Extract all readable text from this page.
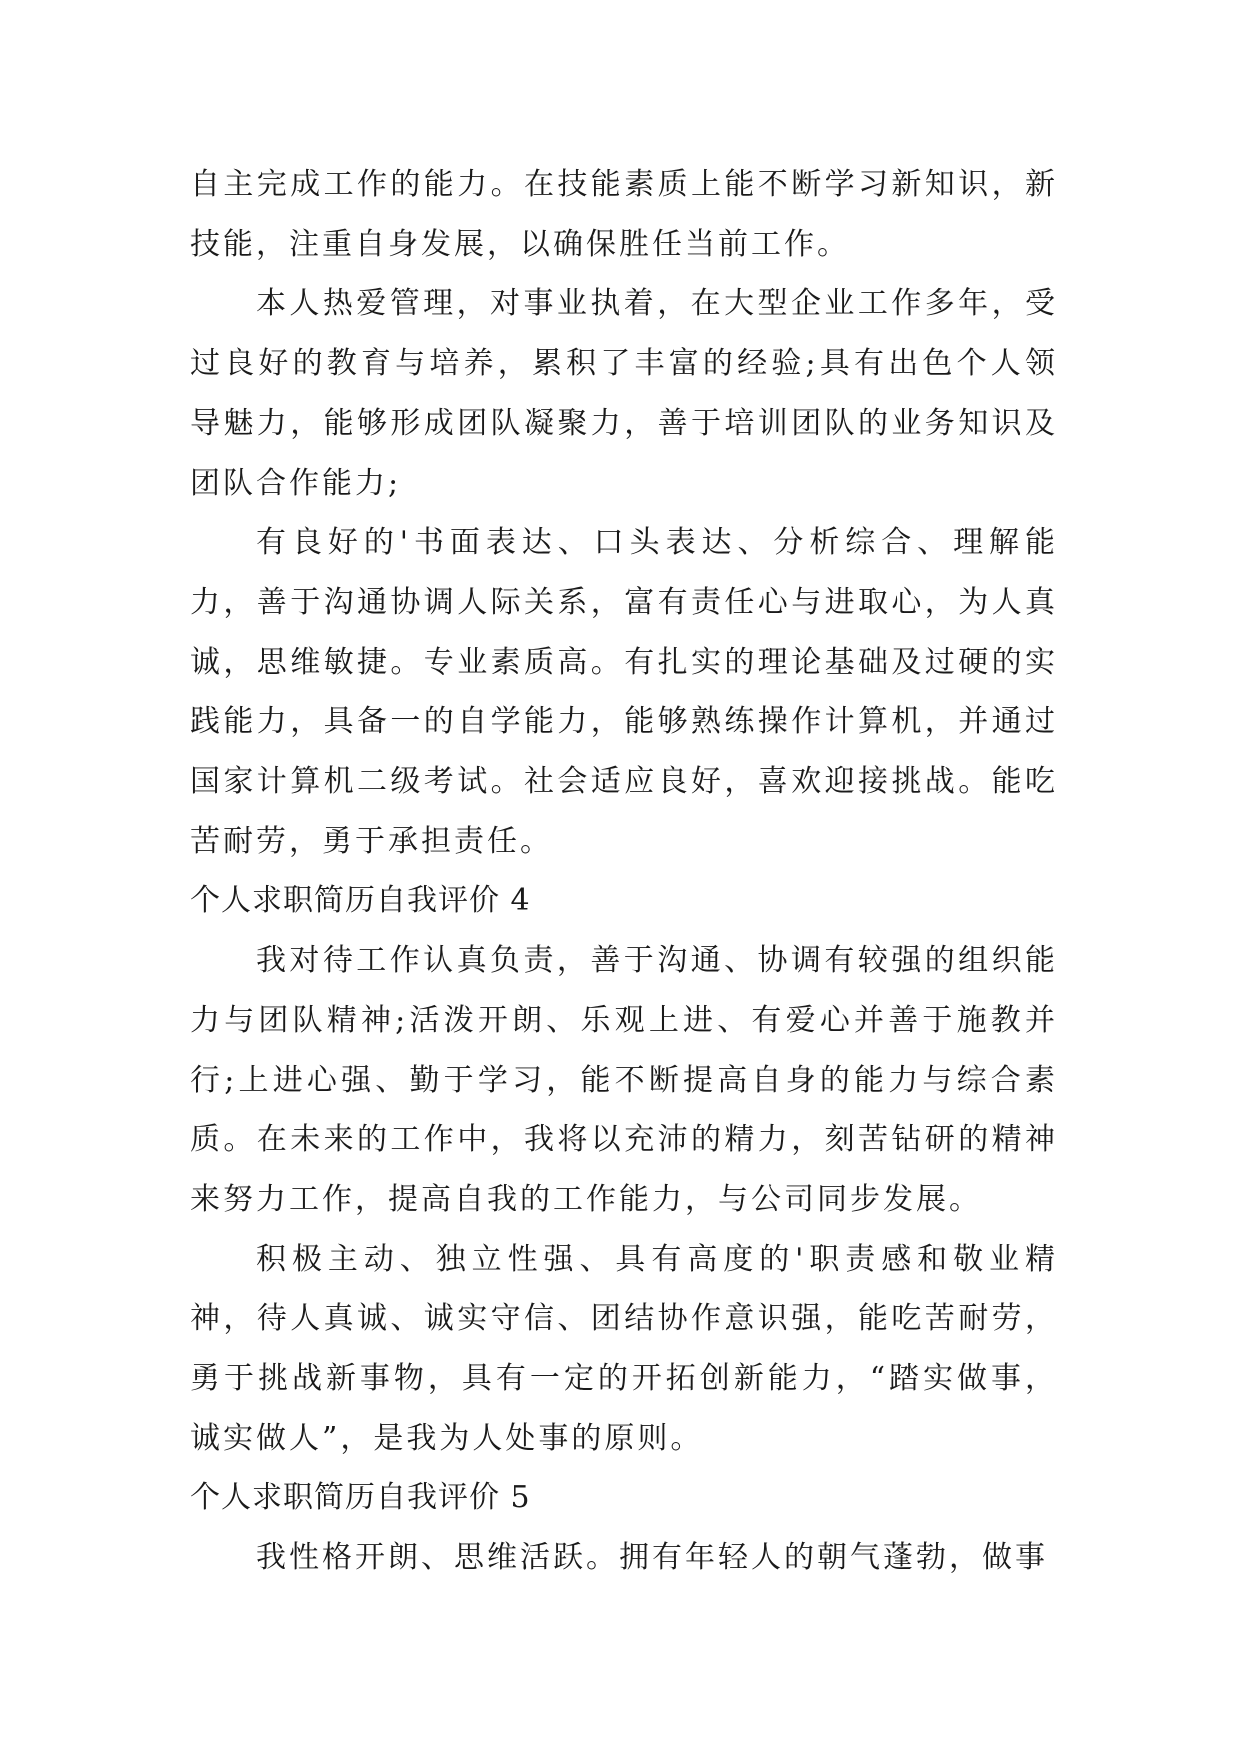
自主完成工作的能力。在技能素质上能不断学习新知识，新技能，注重自身发展，以确保胜任当前工作。

本人热爱管理，对事业执着，在大型企业工作多年，受过良好的教育与培养，累积了丰富的经验;具有出色个人领导魅力，能够形成团队凝聚力，善于培训团队的业务知识及团队合作能力;

有良好的'书面表达、口头表达、分析综合、理解能力，善于沟通协调人际关系，富有责任心与进取心，为人真诚，思维敏捷。专业素质高。有扎实的理论基础及过硬的实践能力，具备一的自学能力，能够熟练操作计算机，并通过国家计算机二级考试。社会适应良好，喜欢迎接挑战。能吃苦耐劳，勇于承担责任。

个人求职简历自我评价 4

我对待工作认真负责，善于沟通、协调有较强的组织能力与团队精神;活泼开朗、乐观上进、有爱心并善于施教并行;上进心强、勤于学习，能不断提高自身的能力与综合素质。在未来的工作中，我将以充沛的精力，刻苦钻研的精神来努力工作，提高自我的工作能力，与公司同步发展。

积极主动、独立性强、具有高度的'职责感和敬业精神，待人真诚、诚实守信、团结协作意识强，能吃苦耐劳，勇于挑战新事物，具有一定的开拓创新能力，“踏实做事，诚实做人”，是我为人处事的原则。

个人求职简历自我评价 5

我性格开朗、思维活跃。拥有年轻人的朝气蓬勃，做事
